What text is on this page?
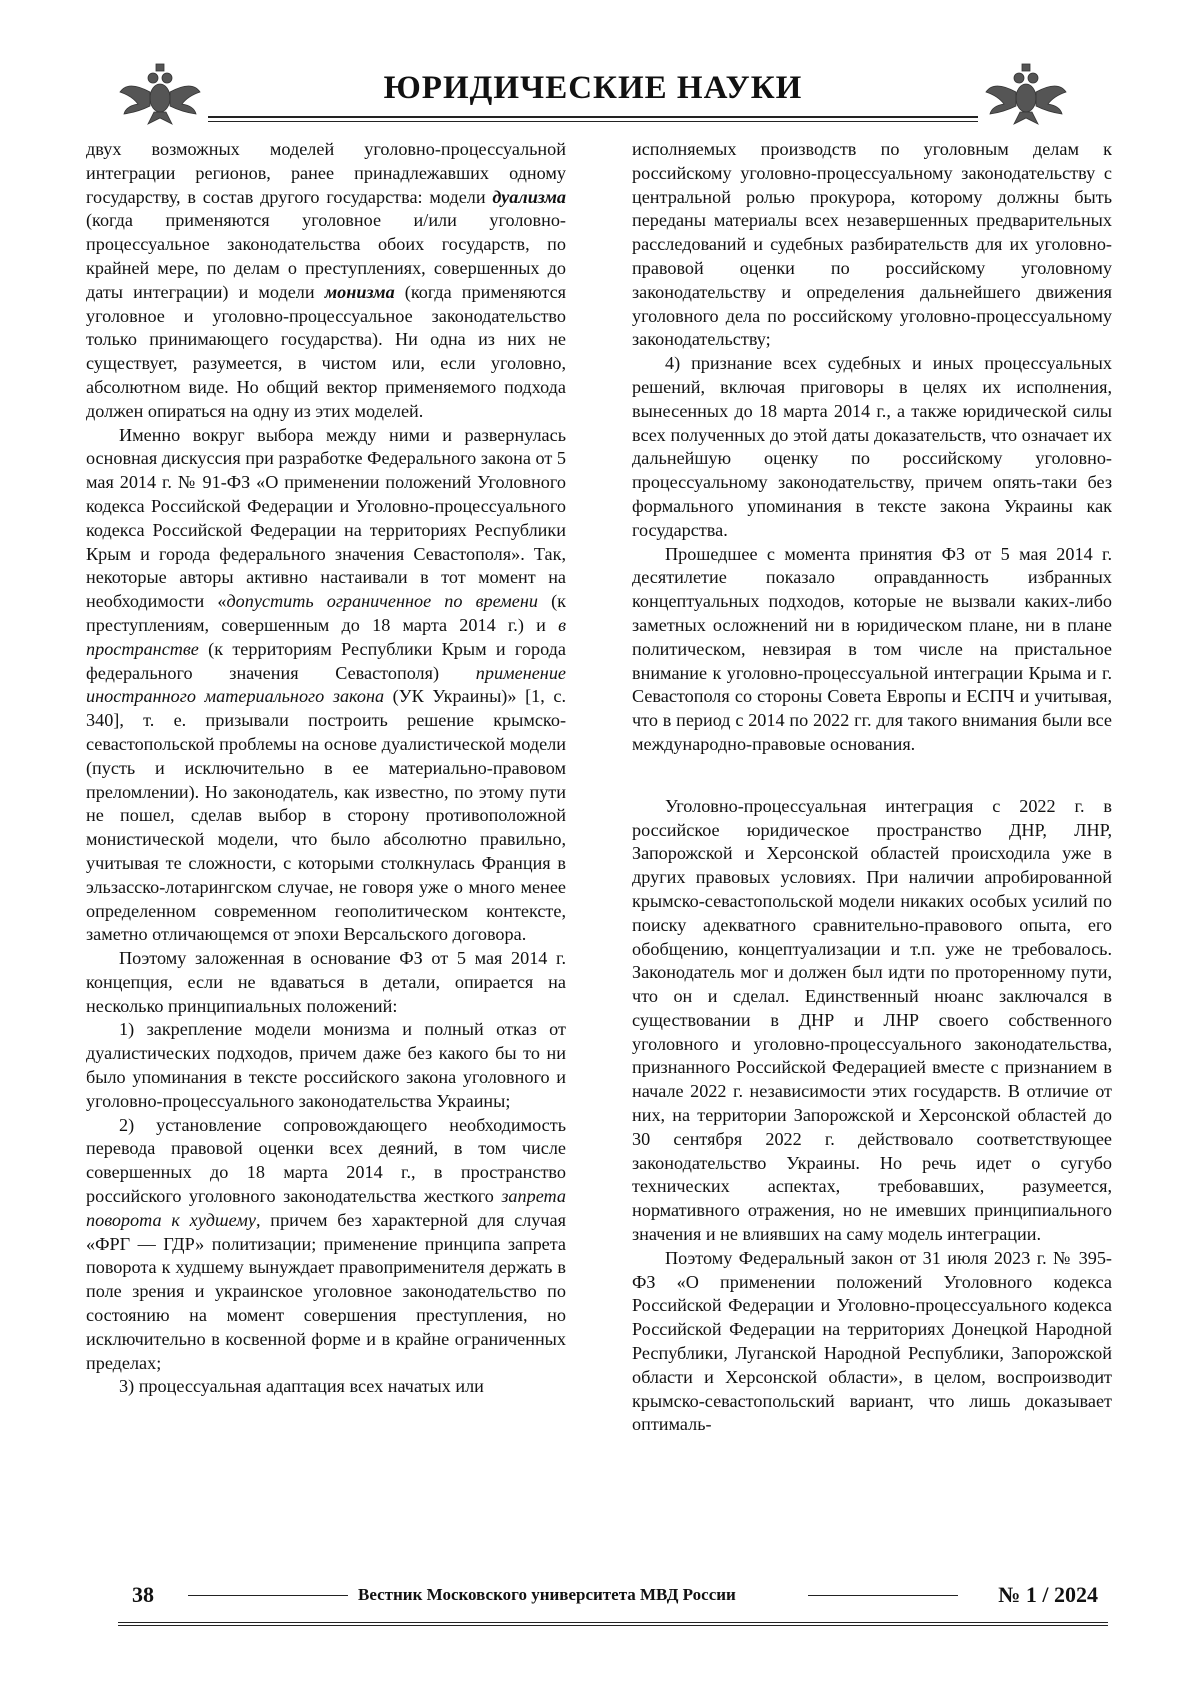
ЮРИДИЧЕСКИЕ НАУКИ

двух возможных моделей уголовно-процессуальной интеграции регионов, ранее принадлежавших одному государству, в состав другого государства: модели дуализма (когда применяются уголовное и/или уголовно-процессуальное законодательства обоих государств, по крайней мере, по делам о преступлениях, совершенных до даты интеграции) и модели монизма (когда применяются уголовное и уголовно-процессуальное законодательство только принимающего государства). Ни одна из них не существует, разумеется, в чистом или, если уголовно, абсолютном виде. Но общий вектор применяемого подхода должен опираться на одну из этих моделей.

Именно вокруг выбора между ними и развернулась основная дискуссия при разработке Федерального закона от 5 мая 2014 г. № 91-ФЗ «О применении положений Уголовного кодекса Российской Федерации и Уголовно-процессуального кодекса Российской Федерации на территориях Республики Крым и города федерального значения Севастополя». Так, некоторые авторы активно настаивали в тот момент на необходимости «допустить ограниченное по времени (к преступлениям, совершенным до 18 марта 2014 г.) и в пространстве (к территориям Республики Крым и города федерального значения Севастополя) применение иностранного материального закона (УК Украины)» [1, с. 340], т. е. призывали построить решение крымско-севастопольской проблемы на основе дуалистической модели (пусть и исключительно в ее материально-правовом преломлении). Но законодатель, как известно, по этому пути не пошел, сделав выбор в сторону противоположной монистической модели, что было абсолютно правильно, учитывая те сложности, с которыми столкнулась Франция в эльзасско-лотарингском случае, не говоря уже о много менее определенном современном геополитическом контексте, заметно отличающемся от эпохи Версальского договора.

Поэтому заложенная в основание ФЗ от 5 мая 2014 г. концепция, если не вдаваться в детали, опирается на несколько принципиальных положений:

1) закрепление модели монизма и полный отказ от дуалистических подходов, причем даже без какого бы то ни было упоминания в тексте российского закона уголовного и уголовно-процессуального законодательства Украины;

2) установление сопровождающего необходимость перевода правовой оценки всех деяний, в том числе совершенных до 18 марта 2014 г., в пространство российского уголовного законодательства жесткого запрета поворота к худшему, причем без характерной для случая «ФРГ — ГДР» политизации; применение принципа запрета поворота к худшему вынуждает правоприменителя держать в поле зрения и украинское уголовное законодательство по состоянию на момент совершения преступления, но исключительно в косвенной форме и в крайне ограниченных пределах;

3) процессуальная адаптация всех начатых или

исполняемых производств по уголовным делам к российскому уголовно-процессуальному законодательству с центральной ролью прокурора, которому должны быть переданы материалы всех незавершенных предварительных расследований и судебных разбирательств для их уголовно-правовой оценки по российскому уголовному законодательству и определения дальнейшего движения уголовного дела по российскому уголовно-процессуальному законодательству;

4) признание всех судебных и иных процессуальных решений, включая приговоры в целях их исполнения, вынесенных до 18 марта 2014 г., а также юридической силы всех полученных до этой даты доказательств, что означает их дальнейшую оценку по российскому уголовно-процессуальному законодательству, причем опять-таки без формального упоминания в тексте закона Украины как государства.

Прошедшее с момента принятия ФЗ от 5 мая 2014 г. десятилетие показало оправданность избранных концептуальных подходов, которые не вызвали каких-либо заметных осложнений ни в юридическом плане, ни в плане политическом, невзирая в том числе на пристальное внимание к уголовно-процессуальной интеграции Крыма и г. Севастополя со стороны Совета Европы и ЕСПЧ и учитывая, что в период с 2014 по 2022 гг. для такого внимания были все международно-правовые основания.

Уголовно-процессуальная интеграция с 2022 г. в российское юридическое пространство ДНР, ЛНР, Запорожской и Херсонской областей происходила уже в других правовых условиях. При наличии апробированной крымско-севастопольской модели никаких особых усилий по поиску адекватного сравнительно-правового опыта, его обобщению, концептуализации и т.п. уже не требовалось. Законодатель мог и должен был идти по проторенному пути, что он и сделал. Единственный нюанс заключался в существовании в ДНР и ЛНР своего собственного уголовного и уголовно-процессуального законодательства, признанного Российской Федерацией вместе с признанием в начале 2022 г. независимости этих государств. В отличие от них, на территории Запорожской и Херсонской областей до 30 сентября 2022 г. действовало соответствующее законодательство Украины. Но речь идет о сугубо технических аспектах, требовавших, разумеется, нормативного отражения, но не имевших принципиального значения и не влиявших на саму модель интеграции.

Поэтому Федеральный закон от 31 июля 2023 г. № 395-ФЗ «О применении положений Уголовного кодекса Российской Федерации и Уголовно-процессуального кодекса Российской Федерации на территориях Донецкой Народной Республики, Луганской Народной Республики, Запорожской области и Херсонской области», в целом, воспроизводит крымско-севастопольский вариант, что лишь доказывает оптималь-

38	Вестник Московского университета МВД России	№ 1 / 2024
